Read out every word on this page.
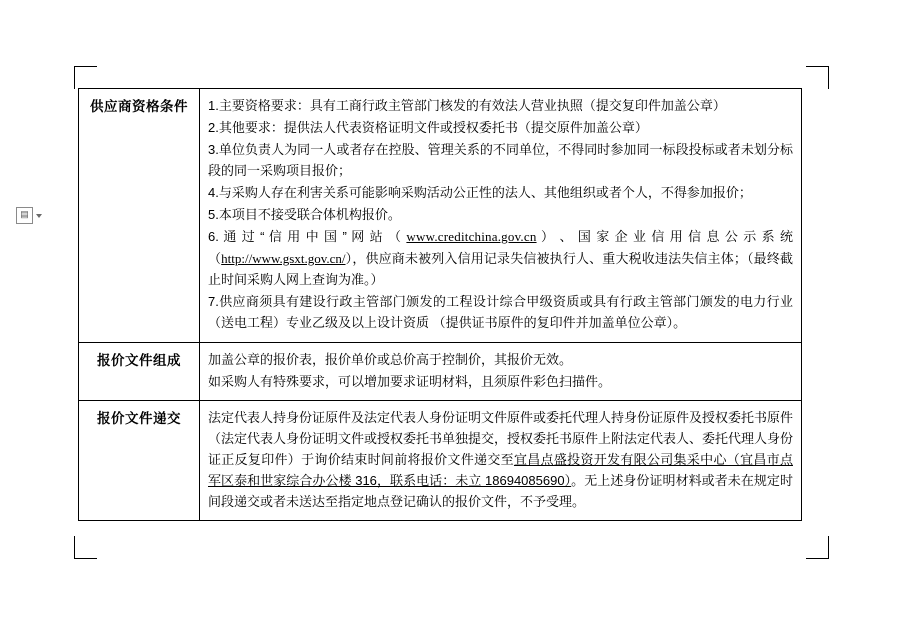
▤
供应商资格条件	1.主要资格要求：具有工商行政主管部门核发的有效法人营业执照（提交复印件加盖公章）

2.其他要求：提供法人代表资格证明文件或授权委托书（提交原件加盖公章）

3.单位负责人为同一人或者存在控股、管理关系的不同单位，不得同时参加同一标段投标或者未划分标段的同一采购项目报价；

4.与采购人存在利害关系可能影响采购活动公正性的法人、其他组织或者个人，不得参加报价；

5.本项目不接受联合体机构报价。

6. 通 过 “ 信 用 中 国 ” 网 站 （ www.creditchina.gov.cn ） 、 国 家 企 业 信 用 信 息 公 示 系 统

（http://www.gsxt.gov.cn/），供应商未被列入信用记录失信被执行人、重大税收违法失信主体；（最终截止时间采购人网上查询为准。）

7.供应商须具有建设行政主管部门颁发的工程设计综合甲级资质或具有行政主管部门颁发的电力行业（送电工程）专业乙级及以上设计资质 （提供证书原件的复印件并加盖单位公章）。

报价文件组成	加盖公章的报价表，报价单价或总价高于控制价，其报价无效。

如采购人有特殊要求，可以增加要求证明材料，且须原件彩色扫描件。

报价文件递交	法定代表人持身份证原件及法定代表人身份证明文件原件或委托代理人持身份证原件及授权委托书原件（法定代表人身份证明文件或授权委托书单独提交，授权委托书原件上附法定代表人、委托代理人身份证正反复印件）于询价结束时间前将报价文件递交至宜昌点盛投资开发有限公司集采中心（宜昌市点军区泰和世家综合办公楼 316，联系电话：未立 18694085690）。无上述身份证明材料或者未在规定时间段递交或者未送达至指定地点登记确认的报价文件，不予受理。
